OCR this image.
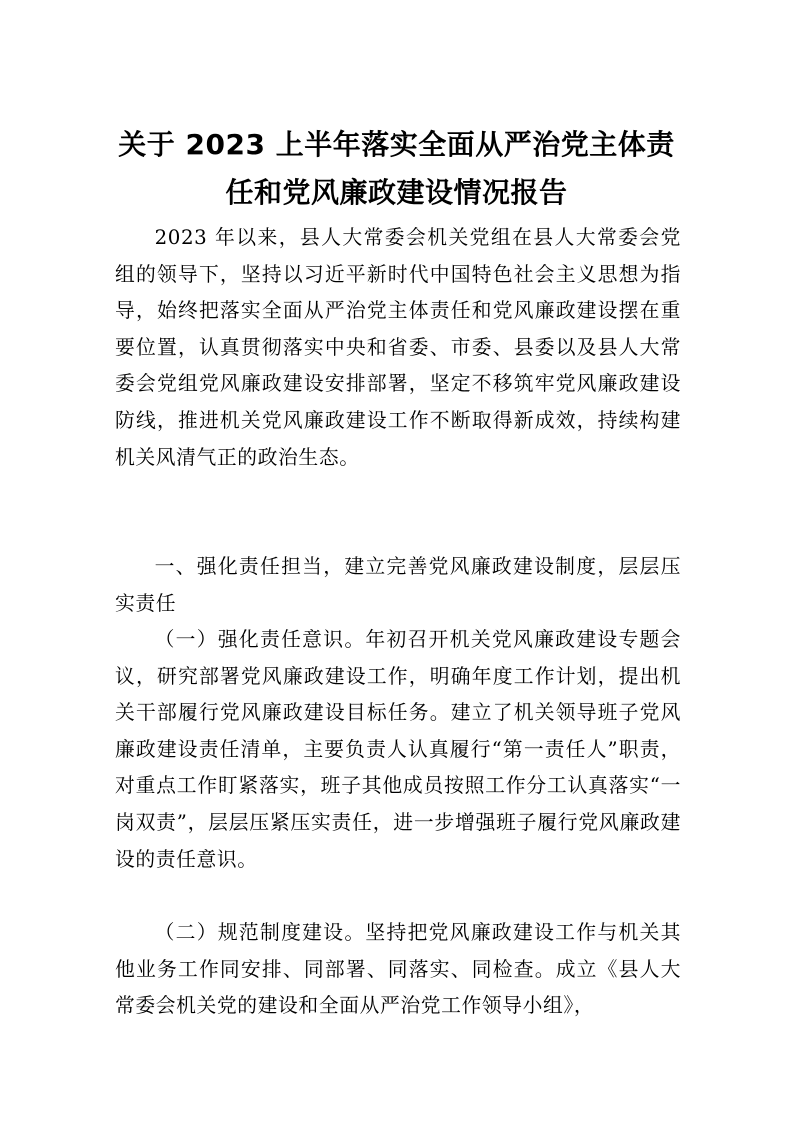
关于 2023 上半年落实全面从严治党主体责
任和党风廉政建设情况报告

2023 年以来，县人大常委会机关党组在县人大常委会党组的领导下，坚持以习近平新时代中国特色社会主义思想为指导，始终把落实全面从严治党主体责任和党风廉政建设摆在重要位置，认真贯彻落实中央和省委、市委、县委以及县人大常委会党组党风廉政建设安排部署，坚定不移筑牢党风廉政建设防线，推进机关党风廉政建设工作不断取得新成效，持续构建机关风清气正的政治生态。

一、强化责任担当，建立完善党风廉政建设制度，层层压实责任

（一）强化责任意识。年初召开机关党风廉政建设专题会议，研究部署党风廉政建设工作，明确年度工作计划，提出机关干部履行党风廉政建设目标任务。建立了机关领导班子党风廉政建设责任清单，主要负责人认真履行“第一责任人”职责，对重点工作盯紧落实，班子其他成员按照工作分工认真落实“一岗双责”，层层压紧压实责任，进一步增强班子履行党风廉政建设的责任意识。

（二）规范制度建设。坚持把党风廉政建设工作与机关其他业务工作同安排、同部署、同落实、同检查。成立《县人大常委会机关党的建设和全面从严治党工作领导小组》，
